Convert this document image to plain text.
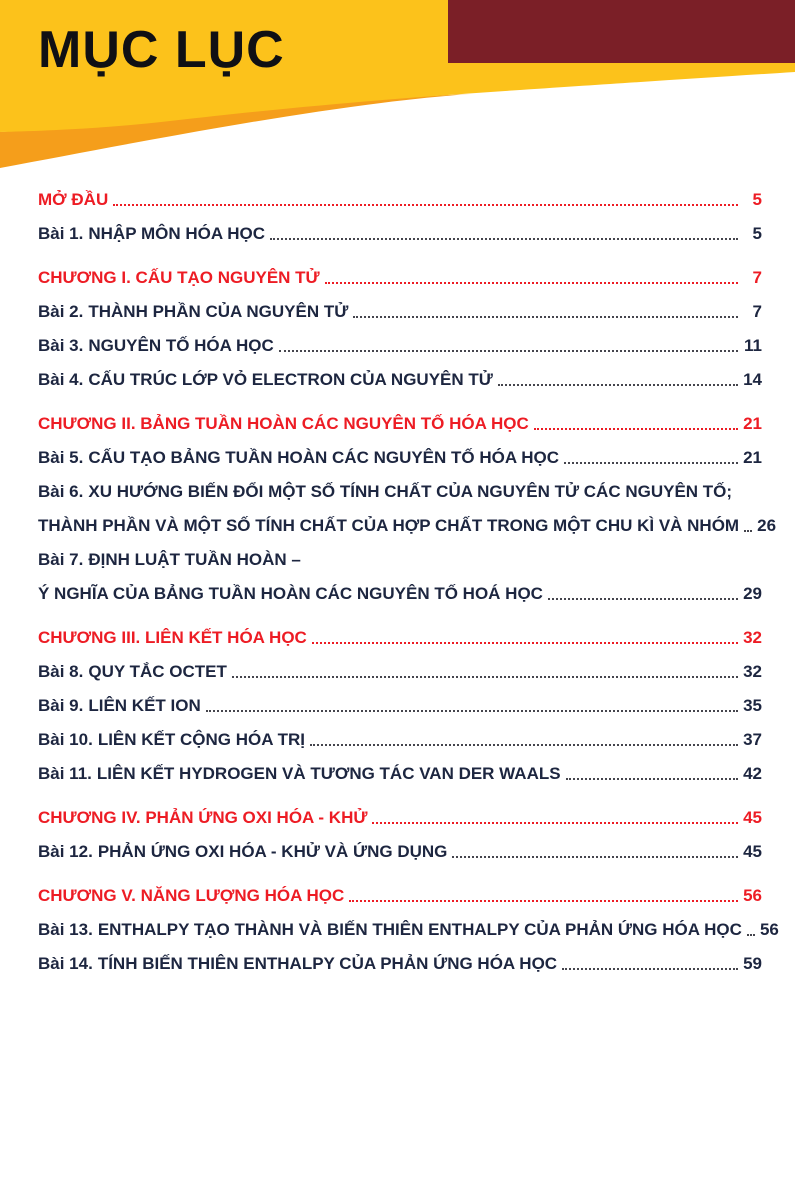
MỤC LỤC
MỞ ĐẦU	5
Bài 1. NHẬP MÔN HÓA HỌC	5
CHƯƠNG I. CẤU TẠO NGUYÊN TỬ	7
Bài 2. THÀNH PHẦN CỦA NGUYÊN TỬ	7
Bài 3. NGUYÊN TỐ HÓA HỌC	11
Bài 4. CẤU TRÚC LỚP VỎ ELECTRON CỦA NGUYÊN TỬ	14
CHƯƠNG II. BẢNG TUẦN HOÀN CÁC NGUYÊN TỐ HÓA HỌC	21
Bài 5. CẤU TẠO BẢNG TUẦN HOÀN CÁC NGUYÊN TỐ HÓA HỌC	21
Bài 6. XU HƯỚNG BIẾN ĐỔI MỘT SỐ TÍNH CHẤT CỦA NGUYÊN TỬ CÁC NGUYÊN TỐ;
THÀNH PHẦN VÀ MỘT SỐ TÍNH CHẤT CỦA HỢP CHẤT TRONG MỘT CHU KÌ VÀ NHÓM 26
Bài 7. ĐỊNH LUẬT TUẦN HOÀN –
Ý NGHĨA CỦA BẢNG TUẦN HOÀN CÁC NGUYÊN TỐ HOÁ HỌC	29
CHƯƠNG III. LIÊN KẾT HÓA HỌC	32
Bài 8. QUY TẮC OCTET	32
Bài 9. LIÊN KẾT ION	35
Bài 10. LIÊN KẾT CỘNG HÓA TRỊ	37
Bài 11. LIÊN KẾT HYDROGEN VÀ TƯƠNG TÁC VAN DER WAALS	42
CHƯƠNG IV. PHẢN ỨNG OXI HÓA - KHỬ	45
Bài 12. PHẢN ỨNG OXI HÓA - KHỬ VÀ ỨNG DỤNG	45
CHƯƠNG V. NĂNG LƯỢNG HÓA HỌC	56
Bài 13. ENTHALPY TẠO THÀNH VÀ BIẾN THIÊN ENTHALPY CỦA PHẢN ỨNG HÓA HỌC 56
Bài 14. TÍNH BIẾN THIÊN ENTHALPY CỦA PHẢN ỨNG HÓA HỌC	59
